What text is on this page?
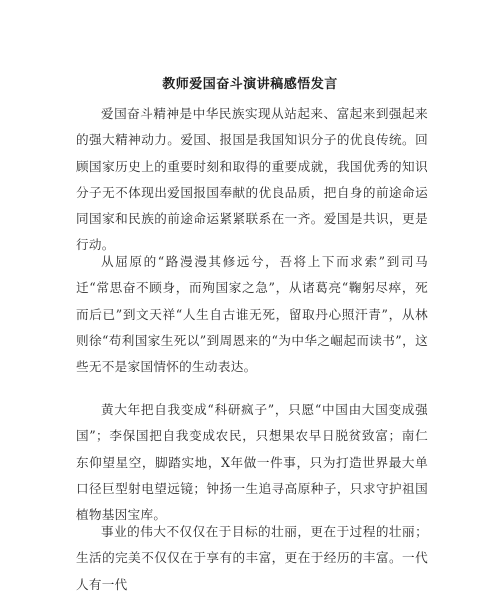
教师爱国奋斗演讲稿感悟发言

爱国奋斗精神是中华民族实现从站起来、富起来到强起来的强大精神动力。爱国、报国是我国知识分子的优良传统。回顾国家历史上的重要时刻和取得的重要成就，我国优秀的知识分子无不体现出爱国报国奉献的优良品质，把自身的前途命运同国家和民族的前途命运紧紧联系在一齐。爱国是共识，更是行动。

从屈原的“路漫漫其修远兮，吾将上下而求索”到司马迁“常思奋不顾身，而殉国家之急”，从诸葛亮“鞠躬尽瘁，死而后已”到文天祥“人生自古谁无死，留取丹心照汗青”，从林则徐“苟利国家生死以”到周恩来的“为中华之崛起而读书”，这些无不是家国情怀的生动表达。

黄大年把自我变成“科研疯子”，只愿“中国由大国变成强国”；李保国把自我变成农民，只想果农早日脱贫致富；南仁东仰望星空，脚踏实地，X年做一件事，只为打造世界最大单口径巨型射电望远镜；钟扬一生追寻高原种子，只求守护祖国植物基因宝库。

事业的伟大不仅仅在于目标的壮丽，更在于过程的壮丽；生活的完美不仅仅在于享有的丰富，更在于经历的丰富。一代人有一代
